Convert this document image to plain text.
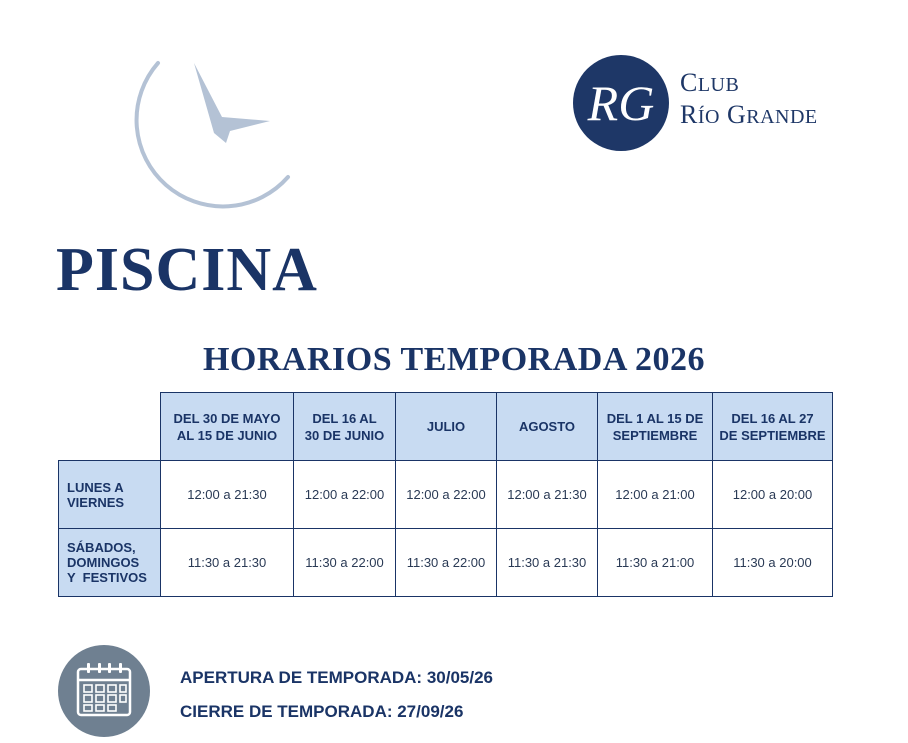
RG CLUB
RÍO GRANDE
PISCINA
HORARIOS TEMPORADA 2026
	DEL 30 DE MAYO
AL 15 DE JUNIO	DEL 16 AL
30 DE JUNIO	JULIO	AGOSTO	DEL 1 AL 15 DE
SEPTIEMBRE	DEL 16 AL 27
DE SEPTIEMBRE
LUNES A
VIERNES	12:00 a 21:30	12:00 a 22:00	12:00 a 22:00	12:00 a 21:30	12:00 a 21:00	12:00 a 20:00
SÁBADOS,
DOMINGOS
Y  FESTIVOS	11:30 a 21:30	11:30 a 22:00	11:30 a 22:00	11:30 a 21:30	11:30 a 21:00	11:30 a 20:00
APERTURA DE TEMPORADA: 30/05/26
CIERRE DE TEMPORADA: 27/09/26
